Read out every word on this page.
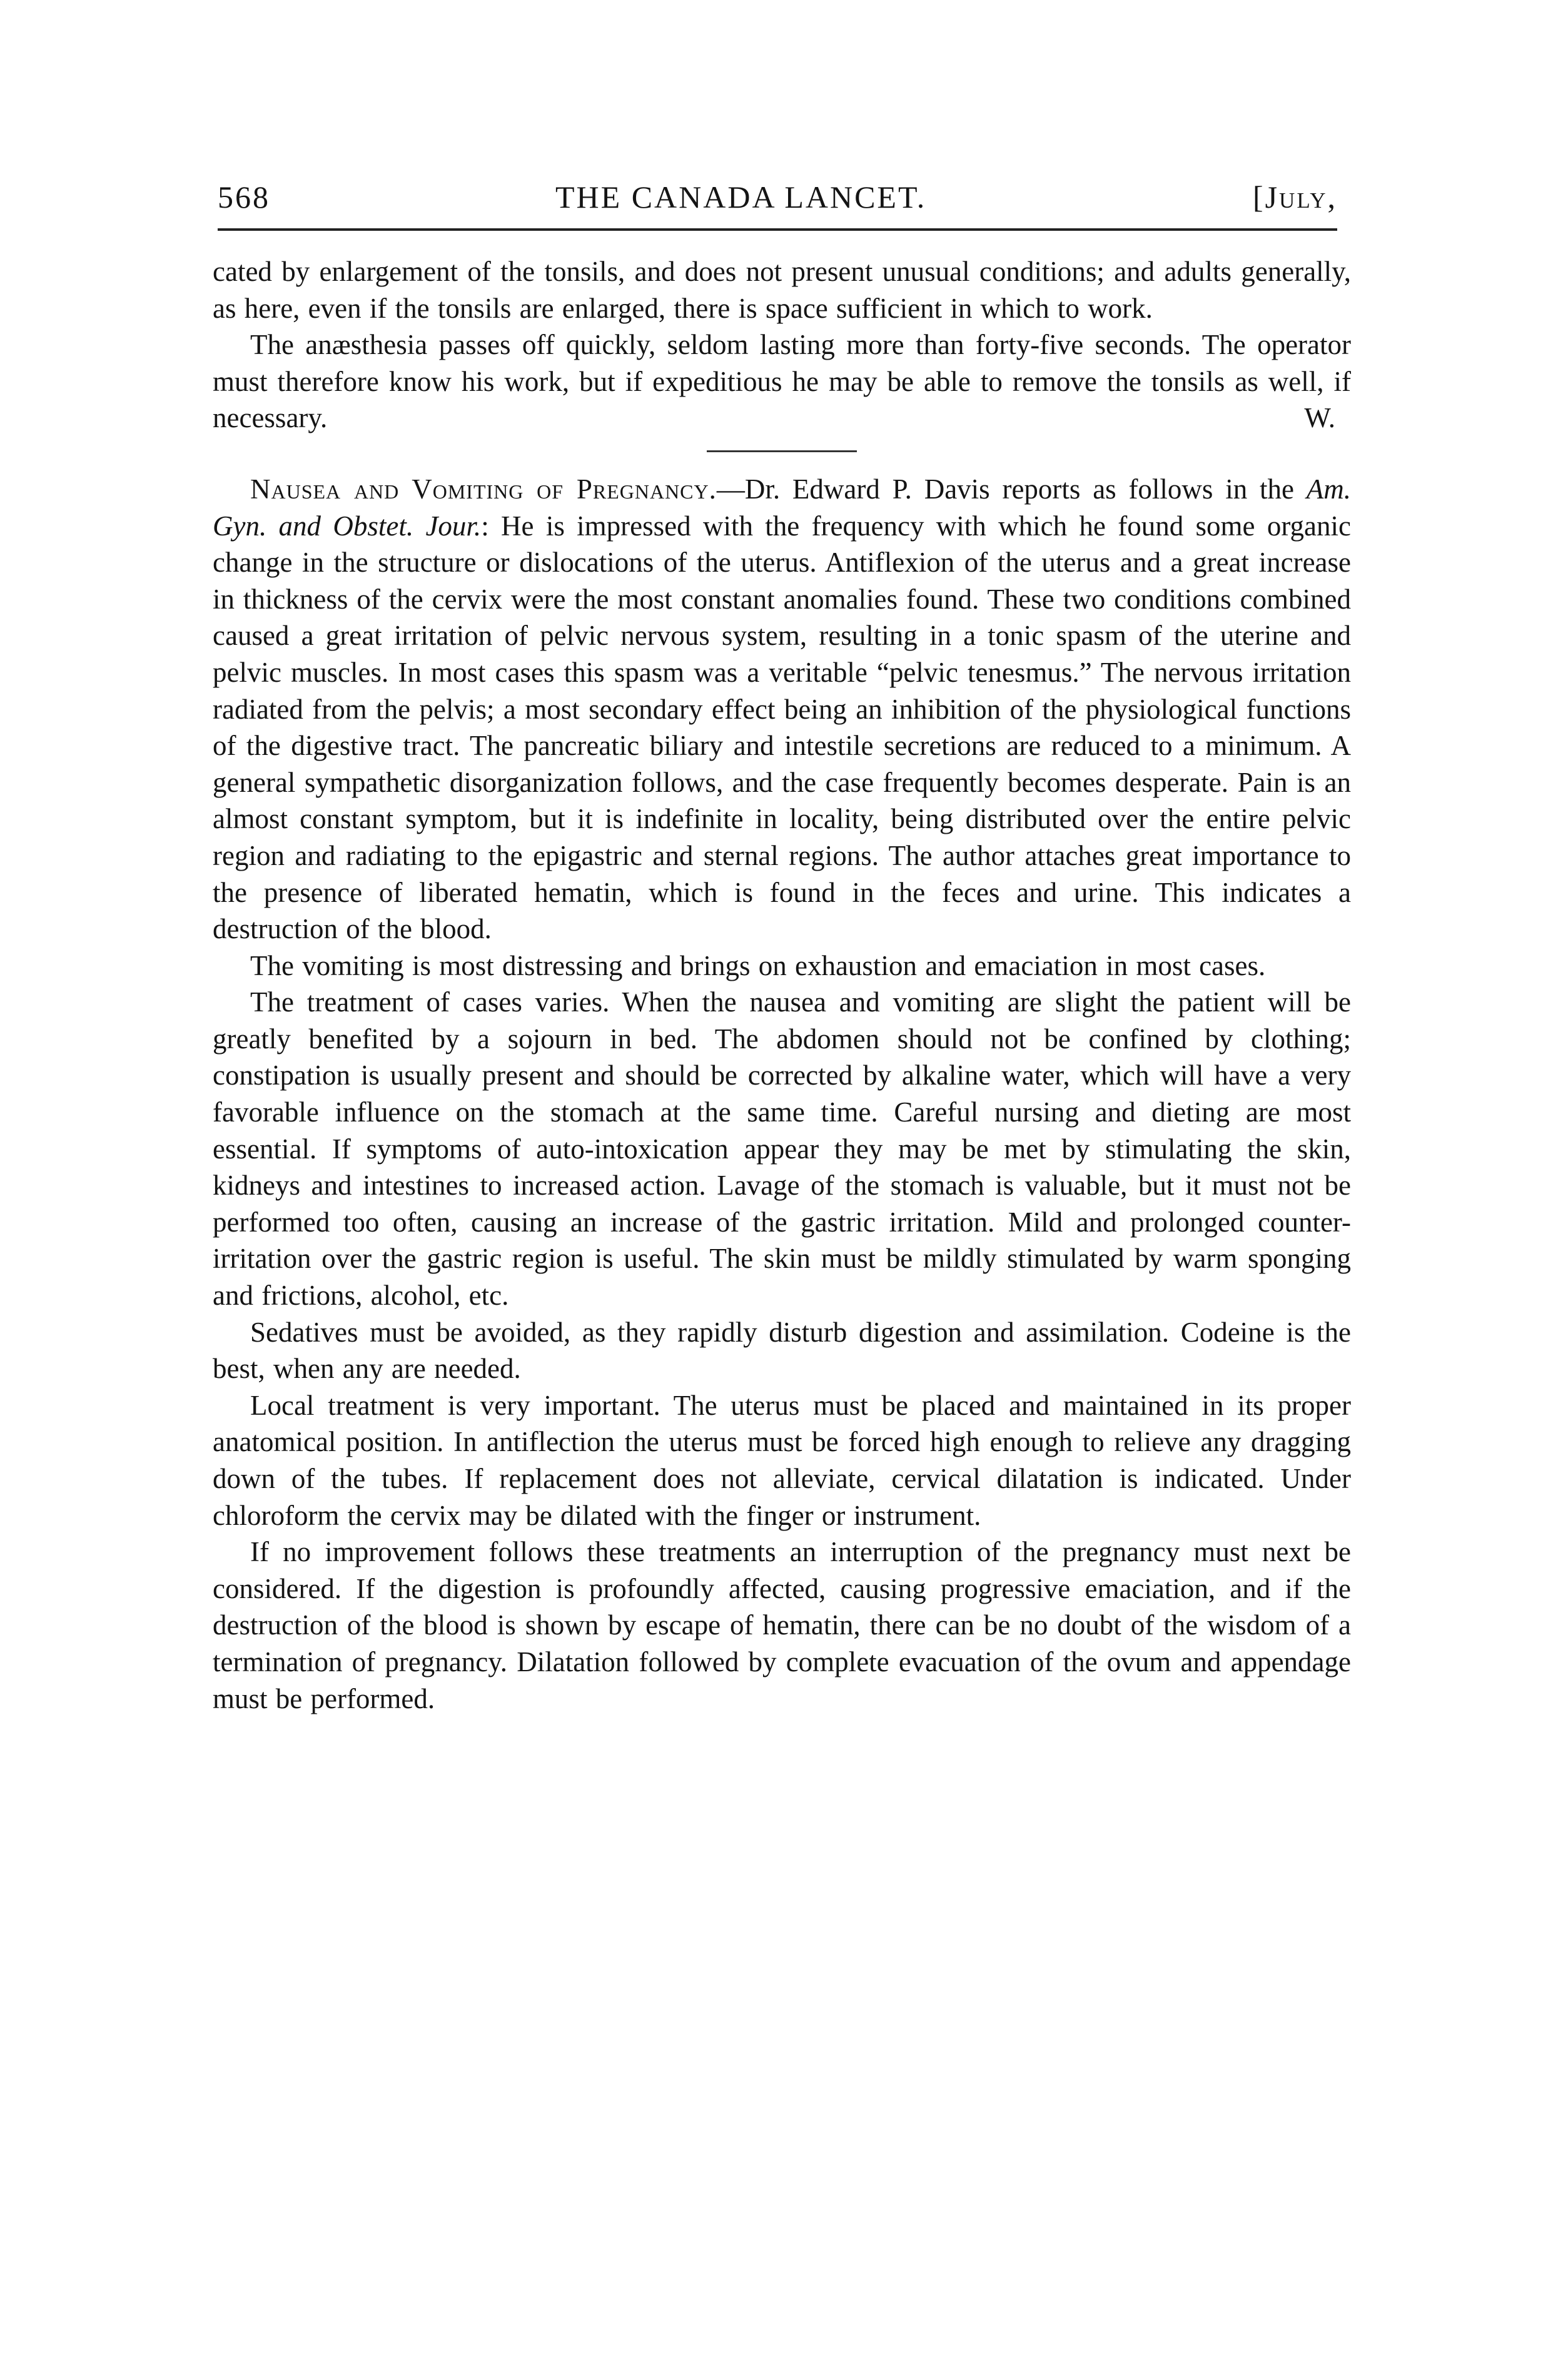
568	THE CANADA LANCET.	[July,

cated by enlargement of the tonsils, and does not present unusual conditions; and adults generally, as here, even if the tonsils are enlarged, there is space sufficient in which to work.

The anæsthesia passes off quickly, seldom lasting more than forty-five seconds. The operator must therefore know his work, but if expeditious he may be able to remove the tonsils as well, if necessary.	W.

Nausea and Vomiting of Pregnancy.—Dr. Edward P. Davis reports as follows in the Am. Gyn. and Obstet. Jour.: He is impressed with the frequency with which he found some organic change in the structure or dislocations of the uterus. Antiflexion of the uterus and a great increase in thickness of the cervix were the most constant anomalies found. These two conditions combined caused a great irritation of pelvic nervous system, resulting in a tonic spasm of the uterine and pelvic muscles. In most cases this spasm was a veritable “pelvic tenesmus.” The nervous irritation radiated from the pelvis; a most secondary effect being an inhibition of the physiological functions of the digestive tract. The pancreatic biliary and intestile secretions are reduced to a minimum. A general sympathetic disorganization follows, and the case frequently becomes desperate. Pain is an almost constant symptom, but it is indefinite in locality, being distributed over the entire pelvic region and radiating to the epigastric and sternal regions. The author attaches great importance to the presence of liberated hematin, which is found in the feces and urine. This indicates a destruction of the blood.

The vomiting is most distressing and brings on exhaustion and emaciation in most cases.

The treatment of cases varies. When the nausea and vomiting are slight the patient will be greatly benefited by a sojourn in bed. The abdomen should not be confined by clothing; constipation is usually present and should be corrected by alkaline water, which will have a very favorable influence on the stomach at the same time. Careful nursing and dieting are most essential. If symptoms of auto-intoxication appear they may be met by stimulating the skin, kidneys and intestines to increased action. Lavage of the stomach is valuable, but it must not be performed too often, causing an increase of the gastric irritation. Mild and prolonged counter-irritation over the gastric region is useful. The skin must be mildly stimulated by warm sponging and frictions, alcohol, etc.

Sedatives must be avoided, as they rapidly disturb digestion and assimilation. Codeine is the best, when any are needed.

Local treatment is very important. The uterus must be placed and maintained in its proper anatomical position. In antiflection the uterus must be forced high enough to relieve any dragging down of the tubes. If replacement does not alleviate, cervical dilatation is indicated. Under chloroform the cervix may be dilated with the finger or instrument.

If no improvement follows these treatments an interruption of the pregnancy must next be considered. If the digestion is profoundly affected, causing progressive emaciation, and if the destruction of the blood is shown by escape of hematin, there can be no doubt of the wisdom of a termination of pregnancy. Dilatation followed by complete evacuation of the ovum and appendage must be performed.
